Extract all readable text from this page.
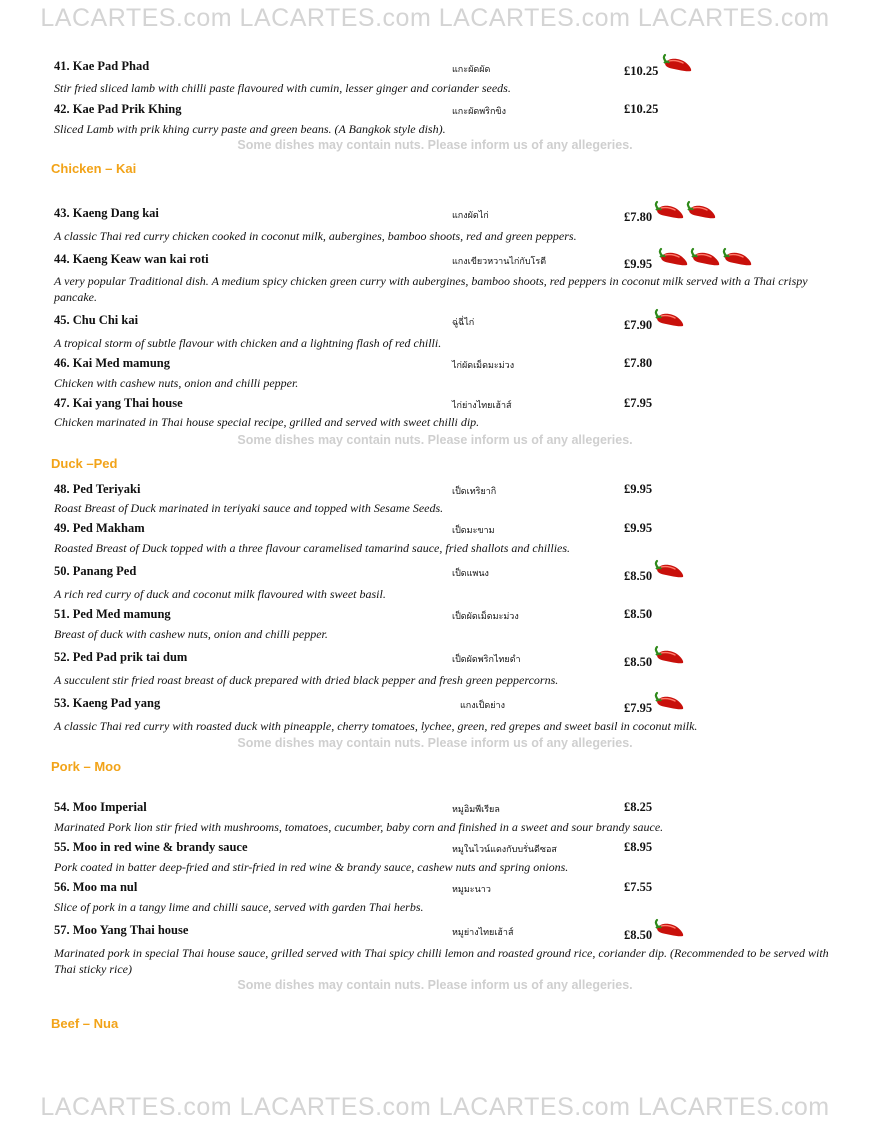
LACARTES.com LACARTES.com LACARTES.com LACARTES.com
41. Kae Pad Phad	แกะผัดผัด	£10.25
Stir fried sliced lamb with chilli paste flavoured with cumin, lesser ginger and coriander seeds.
42. Kae Pad Prik Khing	แกะผัดพริกขิง	£10.25
Sliced Lamb with prik khing curry paste and green beans. (A Bangkok style dish).
Some dishes may contain nuts. Please inform us of any allegeries.
Chicken – Kai
43. Kaeng Dang kai	แกงผัดไก่	£7.80
A classic Thai red curry chicken cooked in coconut milk, aubergines, bamboo shoots, red and green peppers.
44. Kaeng Keaw wan kai roti	แกงเขียวหวานไก่กับโรตี	£9.95
A very popular Traditional dish. A medium spicy chicken green curry with aubergines, bamboo shoots, red peppers in coconut milk served with a Thai crispy pancake.
45. Chu Chi kai	ฉู่ฉี่ไก่	£7.90
A tropical storm of subtle flavour with chicken and a lightning flash of red chilli.
46. Kai Med mamung	ไก่ผัดเม็ดมะม่วง	£7.80
Chicken with cashew nuts, onion and chilli pepper.
47. Kai yang Thai house	ไก่ย่างไทยเฮ้าส์	£7.95
Chicken marinated in Thai house special recipe, grilled and served with sweet chilli dip.
Some dishes may contain nuts. Please inform us of any allegeries.
Duck –Ped
48. Ped Teriyaki	เป็ดเทริยากิ	£9.95
Roast Breast of Duck marinated in teriyaki sauce and topped with Sesame Seeds.
49. Ped Makham	เป็ดมะขาม	£9.95
Roasted Breast of Duck topped with a three flavour caramelised tamarind sauce, fried shallots and chillies.
50. Panang Ped	เป็ดแพนง	£8.50
A rich red curry of duck and coconut milk flavoured with sweet basil.
51. Ped Med mamung	เป็ดผัดเม็ดมะม่วง	£8.50
Breast of duck with cashew nuts, onion and chilli pepper.
52. Ped Pad prik tai dum	เป็ดผัดพริกไทยดำ	£8.50
A succulent stir fried roast breast of duck prepared with dried black pepper and fresh green peppercorns.
53. Kaeng Pad yang	แกงเป็ดย่าง	£7.95
A classic Thai red curry with roasted duck with pineapple, cherry tomatoes, lychee, green, red grepes and sweet basil in coconut milk.
Some dishes may contain nuts. Please inform us of any allegeries.
Pork – Moo
54. Moo Imperial	หมูอิมพีเรียล	£8.25
Marinated Pork lion stir fried with mushrooms, tomatoes, cucumber, baby corn and finished in a sweet and sour brandy sauce.
55. Moo in red wine & brandy sauce	หมูในไวน์แดงกับบรั่นดีซอส	£8.95
Pork coated in batter deep-fried and stir-fried in red wine & brandy sauce, cashew nuts and spring onions.
56. Moo ma nul	หมูมะนาว	£7.55
Slice of pork in a tangy lime and chilli sauce, served with garden Thai herbs.
57. Moo Yang Thai house	หมูย่างไทยเฮ้าส์	£8.50
Marinated pork in special Thai house sauce, grilled served with Thai spicy chilli lemon and roasted ground rice, coriander dip. (Recommended to be served with Thai sticky rice)
Some dishes may contain nuts. Please inform us of any allegeries.
Beef – Nua
LACARTES.com LACARTES.com LACARTES.com LACARTES.com
